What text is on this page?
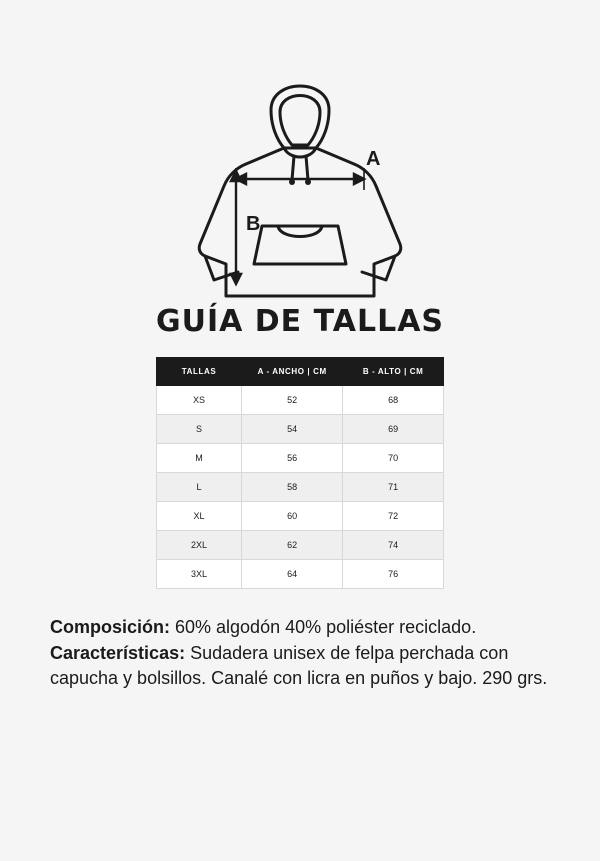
A
B
GUÍA DE TALLAS
TALLAS	A - ANCHO | CM	B - ALTO | CM
XS	52	68
S	54	69
M	56	70
L	58	71
XL	60	72
2XL	62	74
3XL	64	76

Composición: 60% algodón 40% poliéster reciclado.

Características: Sudadera unisex de felpa perchada con capucha y bolsillos. Canalé con licra en puños y bajo. 290 grs.
